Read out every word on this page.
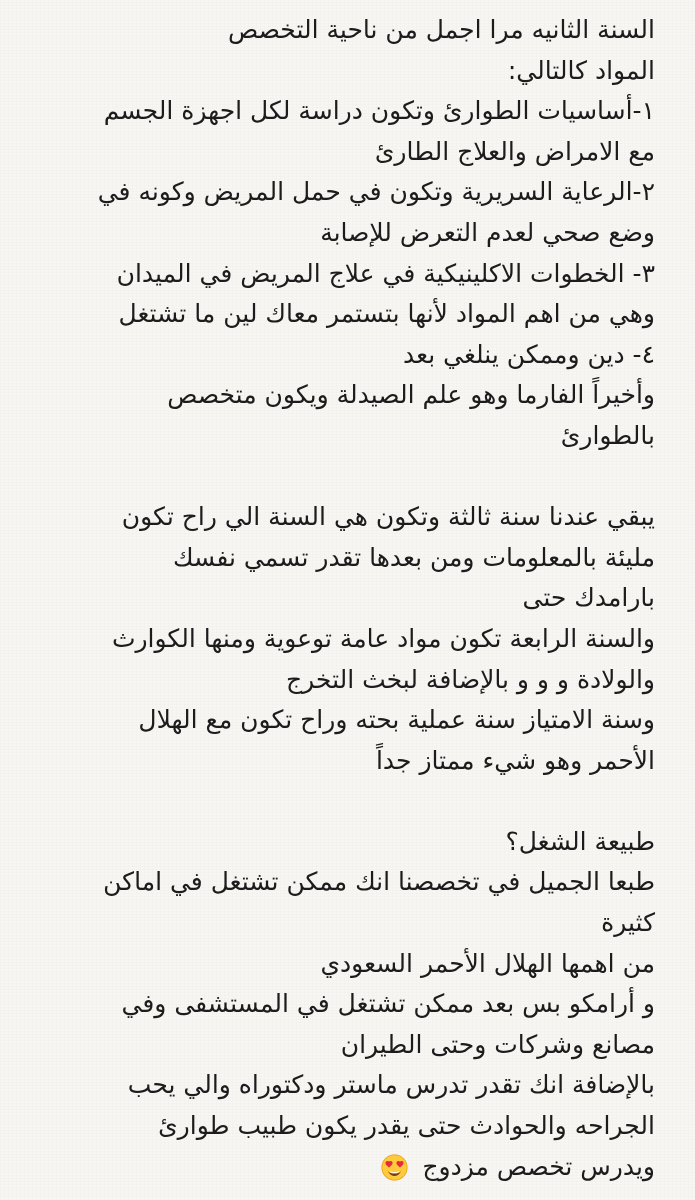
السنة الثانيه مرا اجمل من ناحية التخصص
المواد كالتالي:
١-أساسيات الطوارئ وتكون دراسة لكل اجهزة الجسم
مع الامراض والعلاج الطارئ
٢-الرعاية السريرية وتكون في حمل المريض وكونه في
وضع صحي لعدم التعرض للإصابة
٣- الخطوات الاكلينيكية في علاج المريض في الميدان
وهي من اهم المواد لأنها بتستمر معاك لين ما تشتغل
٤- دين وممكن ينلغي بعد
وأخيراً الفارما وهو علم الصيدلة ويكون متخصص
بالطوارئ
يبقي عندنا سنة ثالثة وتكون هي السنة الي راح تكون
مليئة بالمعلومات ومن بعدها تقدر تسمي نفسك
بارامدك حتى
والسنة الرابعة تكون مواد عامة توعوية ومنها الكوارث
والولادة و و و بالإضافة لبخث التخرج
وسنة الامتياز سنة عملية بحته وراح تكون مع الهلال
الأحمر وهو شيء ممتاز جداً
طبيعة الشغل؟
طبعا الجميل في تخصصنا انك ممكن تشتغل في اماكن
كثيرة
من اهمها الهلال الأحمر السعودي
و أرامكو بس بعد ممكن تشتغل في المستشفى وفي
مصانع وشركات وحتى الطيران
بالإضافة انك تقدر تدرس ماستر ودكتوراه والي يحب
الجراحه والحوادث حتى يقدر يكون طبيب طوارئ
ويدرس تخصص مزدوج
